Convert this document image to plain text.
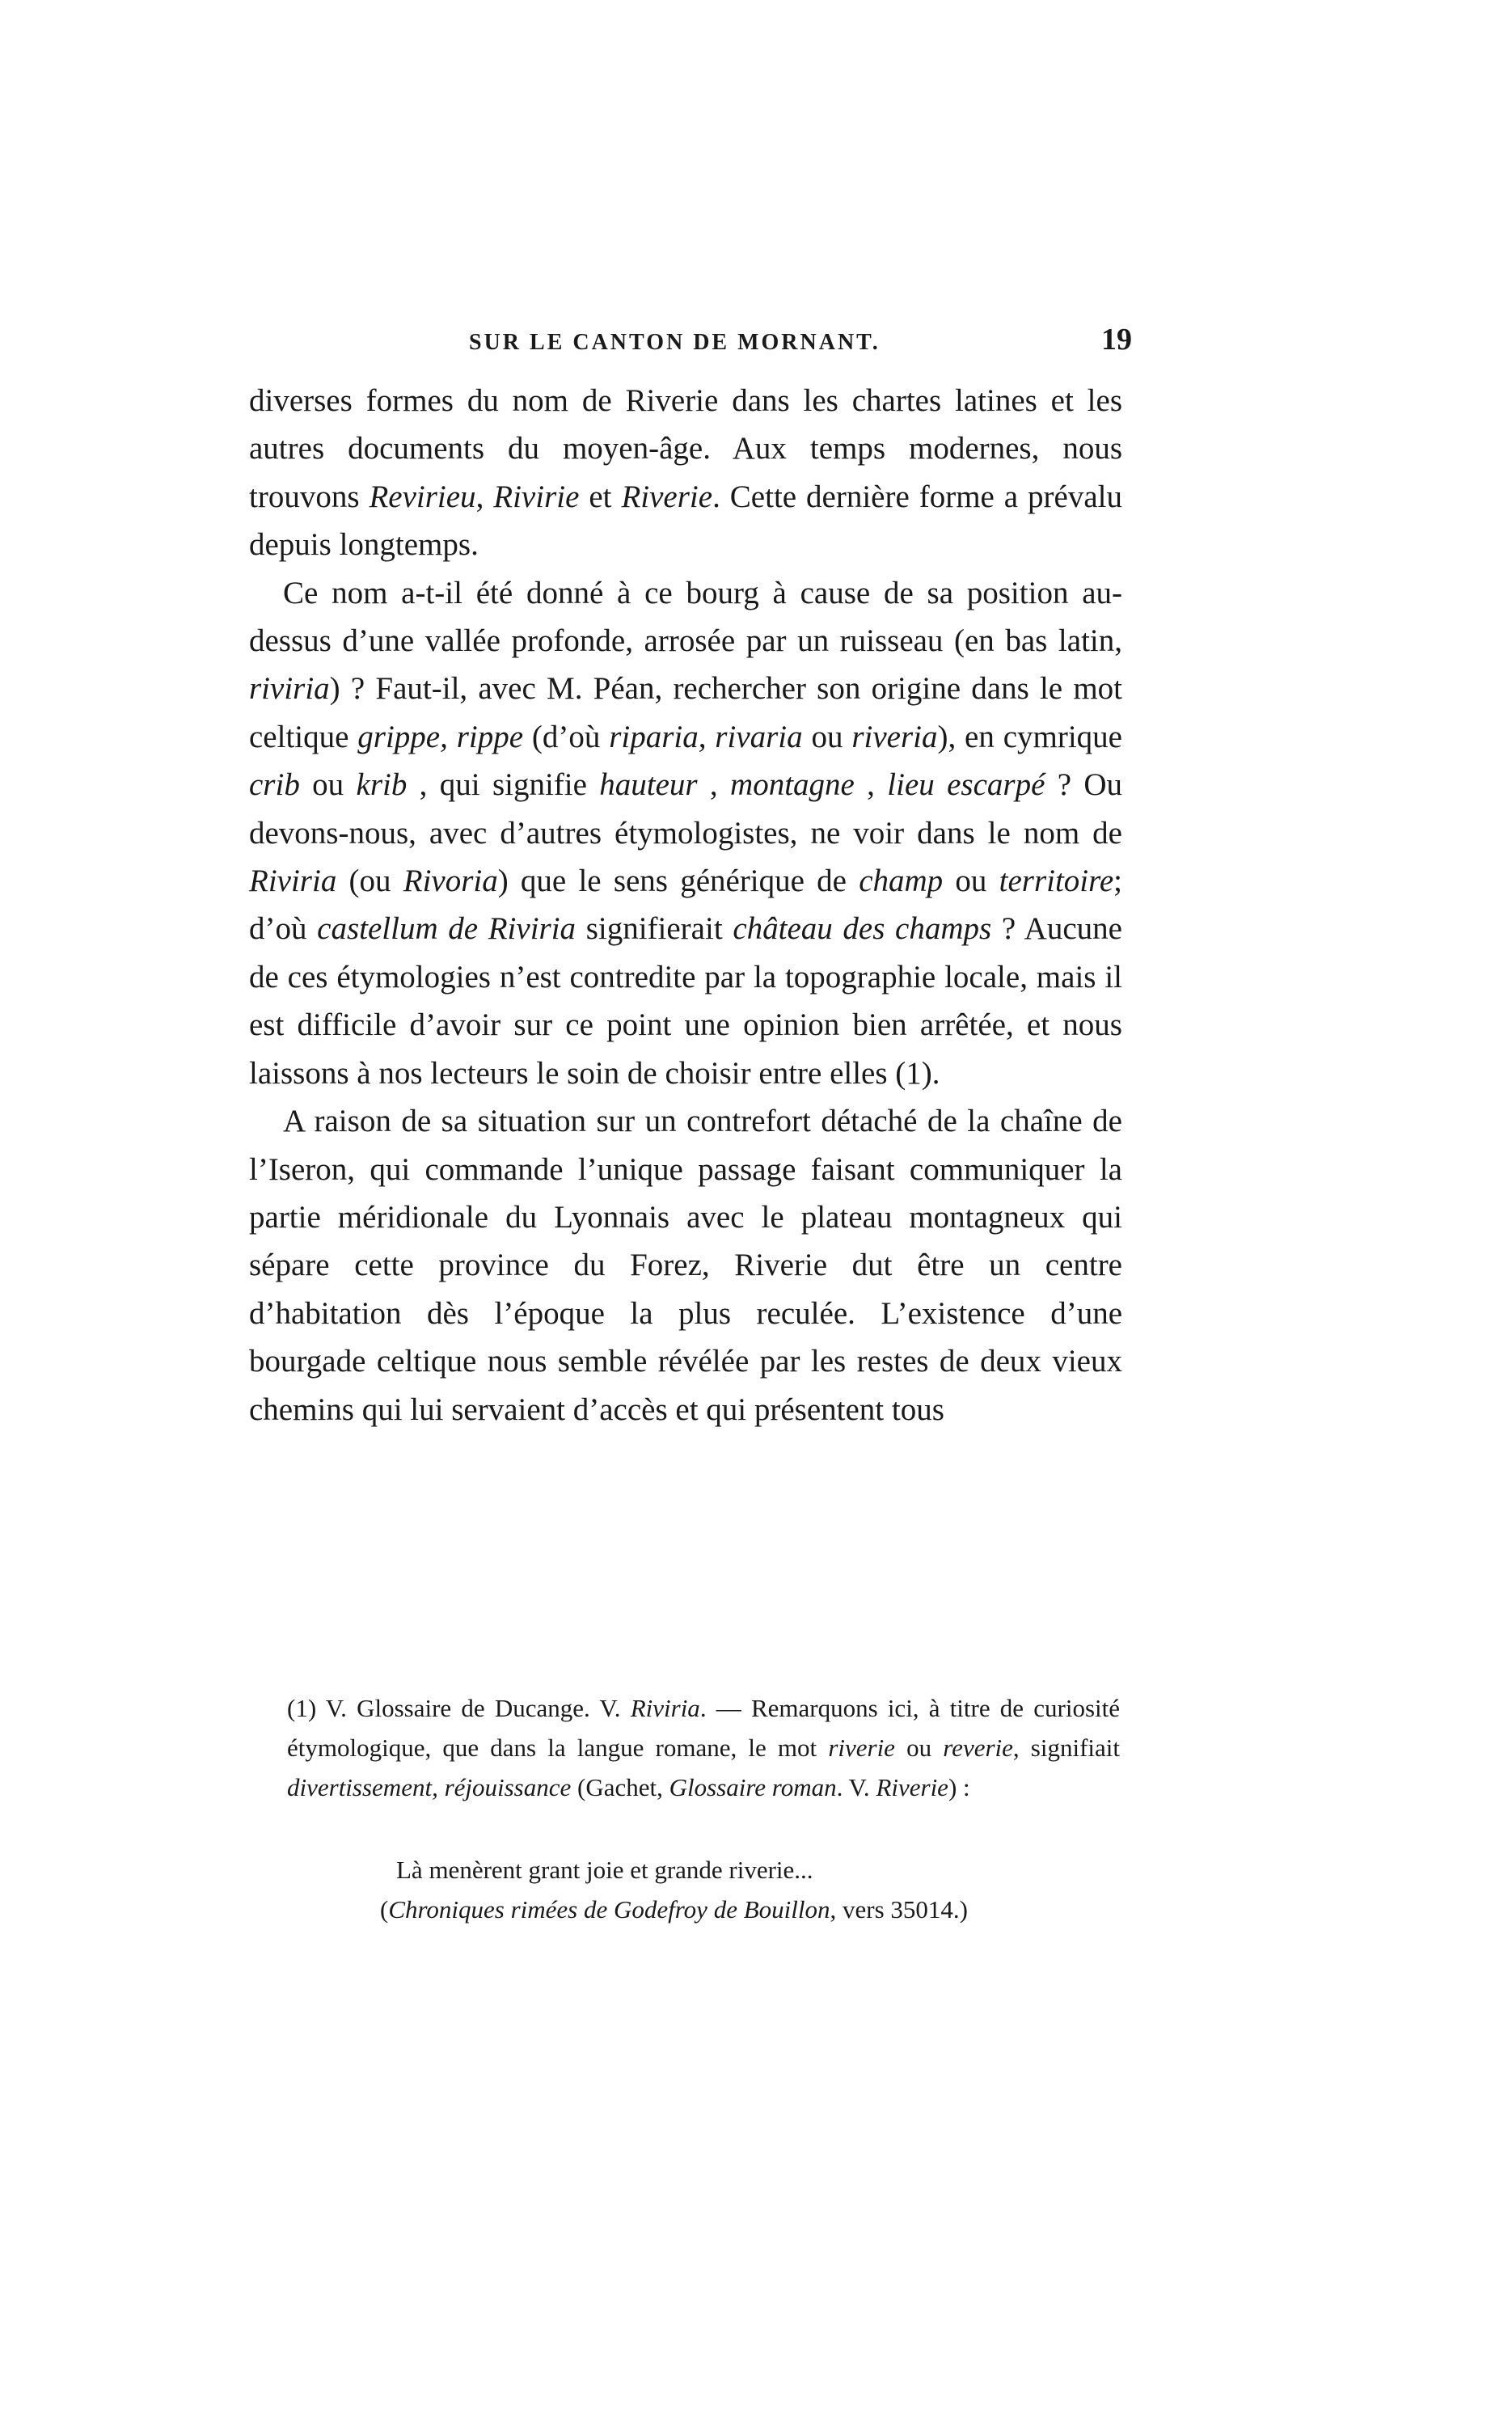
SUR LE CANTON DE MORNANT.	19

diverses formes du nom de Riverie dans les chartes latines et les autres documents du moyen-âge. Aux temps modernes, nous trouvons Revirieu, Rivirie et Riverie. Cette dernière forme a prévalu depuis longtemps.

Ce nom a-t-il été donné à ce bourg à cause de sa position au-dessus d’une vallée profonde, arrosée par un ruisseau (en bas latin, riviria) ? Faut-il, avec M. Péan, rechercher son origine dans le mot celtique grippe, rippe (d’où riparia, rivaria ou riveria), en cymrique crib ou krib , qui signifie hauteur , montagne , lieu escarpé ? Ou devons-nous, avec d’autres étymologistes, ne voir dans le nom de Riviria (ou Rivoria) que le sens générique de champ ou territoire; d’où castellum de Riviria signifierait château des champs ? Aucune de ces étymologies n’est contredite par la topographie locale, mais il est difficile d’avoir sur ce point une opinion bien arrêtée, et nous laissons à nos lecteurs le soin de choisir entre elles (1).

A raison de sa situation sur un contrefort détaché de la chaîne de l’Iseron, qui commande l’unique passage faisant communiquer la partie méridionale du Lyonnais avec le plateau montagneux qui sépare cette province du Forez, Riverie dut être un centre d’habitation dès l’époque la plus reculée. L’existence d’une bourgade celtique nous semble révélée par les restes de deux vieux chemins qui lui servaient d’accès et qui présentent tous

(1) V. Glossaire de Ducange. V. Riviria. — Remarquons ici, à titre de curiosité étymologique, que dans la langue romane, le mot riverie ou reverie, signifiait divertissement, réjouissance (Gachet, Glossaire roman. V. Riverie) :

Là menèrent grant joie et grande riverie...
(Chroniques rimées de Godefroy de Bouillon, vers 35014.)
